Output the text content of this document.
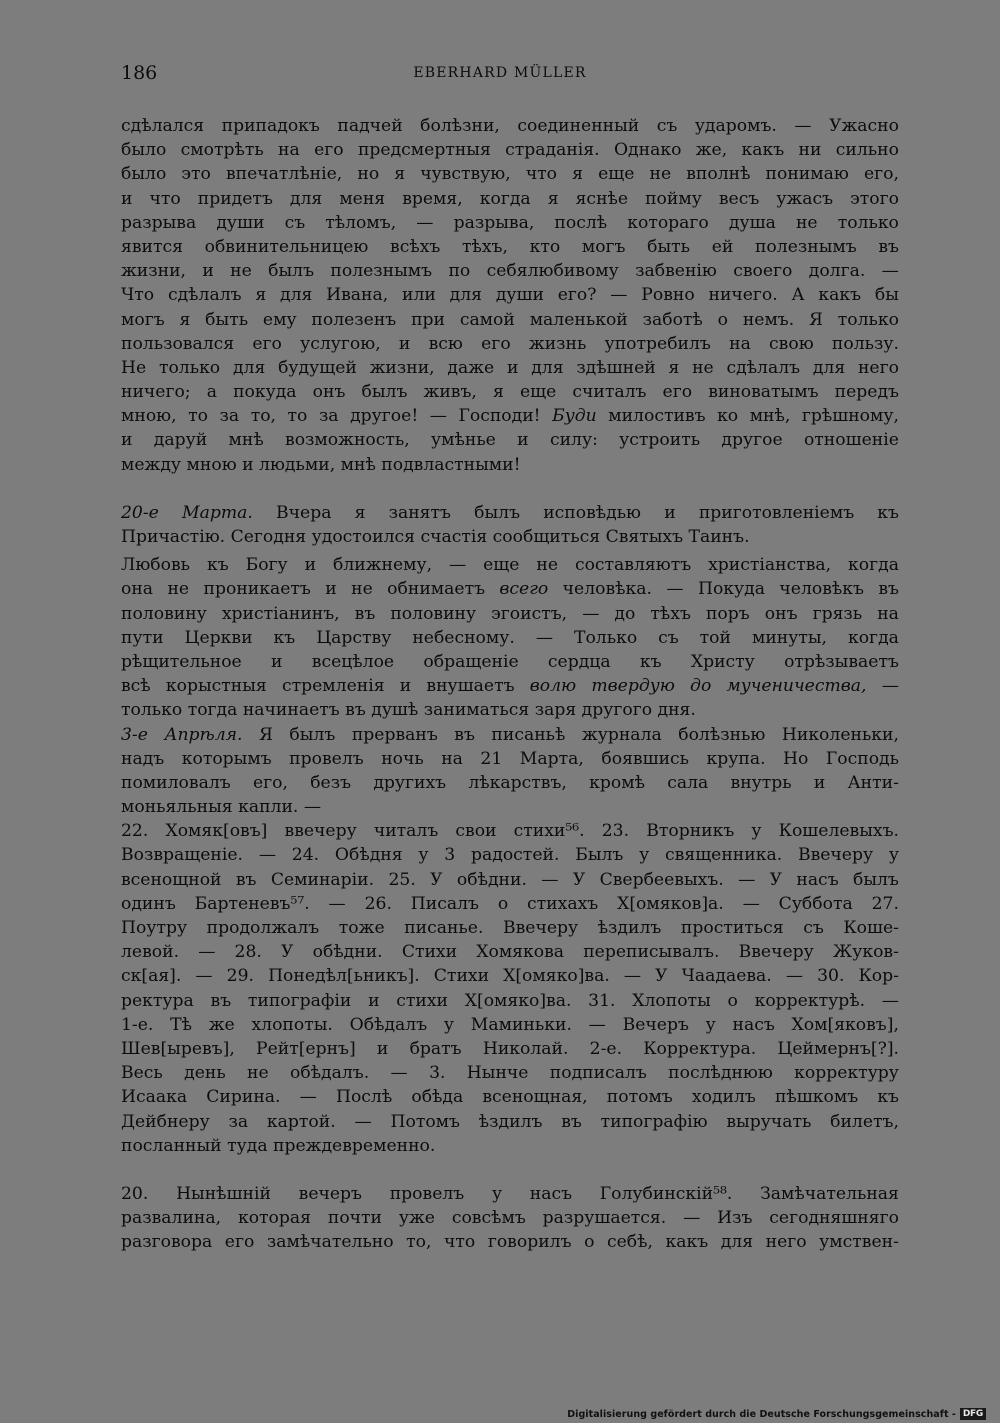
186	EBERHARD MÜLLER
сдѣлался припадокъ падчей болѣзни, соединенный съ ударомъ. — Ужасно
было смотрѣть на его предсмертныя страданія. Однако же, какъ ни сильно
было это впечатлѣніе, но я чувствую, что я еще не вполнѣ понимаю его,
и что придетъ для меня время, когда я яснѣе пойму весъ ужасъ этого
разрыва души съ тѣломъ, — разрыва, послѣ котораго душа не только
явится обвинительницею всѣхъ тѣхъ, кто могъ быть ей полезнымъ въ
жизни, и не былъ полезнымъ по себялюбивому забвенію своего долга. —
Что сдѣлалъ я для Ивана, или для души его? — Ровно ничего. А какъ бы
могъ я быть ему полезенъ при самой маленькой заботѣ о немъ. Я только
пользовался его услугою, и всю его жизнь употребилъ на свою пользу.
Не только для будущей жизни, даже и для здѣшней я не сдѣлалъ для него
ничего; а покуда онъ былъ живъ, я еще считалъ его виноватымъ передъ
мною, то за то, то за другое! — Господи! Буди милостивъ ко мнѣ, грѣшному,
и даруй мнѣ возможность, умѣнье и силу: устроить другое отношеніе
между мною и людьми, мнѣ подвластными!
20-е Марта. Вчера я занятъ былъ исповѣдью и приготовленіемъ къ
Причастію. Сегодня удостоился счастія сообщиться Святыхъ Таинъ.
Любовь къ Богу и ближнему, — еще не составляютъ христіанства, когда
она не проникаетъ и не обнимаетъ всего человѣка. — Покуда человѣкъ въ
половину христіанинъ, въ половину эгоистъ, — до тѣхъ поръ онъ грязь на
пути Церкви къ Царству небесному. — Только съ той минуты, когда
рѣщительное и всецѣлое обращеніе сердца къ Христу отрѣзываетъ
всѣ корыстныя стремленія и внушаетъ волю твердую до мученичества, —
только тогда начинаетъ въ душѣ заниматься заря другого дня.
3-е Апрѣля. Я былъ прерванъ въ писаньѣ журнала болѣзнью Николеньки,
надъ которымъ провелъ ночь на 21 Марта, боявшись крупа. Но Господь
помиловалъ его, безъ другихъ лѣкарствъ, кромѣ сала внутрь и Анти-
моньяльныя капли. —
22. Хомяк[овъ] ввечеру читалъ свои стихи⁵⁶. 23. Вторникъ у Кошелевыхъ.
Возвращеніе. — 24. Обѣдня у 3 радостей. Былъ у священника. Ввечеру у
всенощной въ Семинаріи. 25. У обѣдни. — У Свербеевыхъ. — У насъ былъ
одинъ Бартеневъ⁵⁷. — 26. Писалъ о стихахъ Х[омяков]а. — Суббота 27.
Поутру продолжалъ тоже писанье. Ввечеру ѣздилъ проститься съ Коше-
левой. — 28. У обѣдни. Стихи Хомякова переписывалъ. Ввечеру Жуков-
ск[ая]. — 29. Понедѣл[ьникъ]. Стихи Х[омяко]ва. — У Чаадаева. — 30. Кор-
ректура въ типографіи и стихи Х[омяко]ва. 31. Хлопоты о корректурѣ. —
1-е. Тѣ же хлопоты. Обѣдалъ у Маминьки. — Вечеръ у насъ Хом[яковъ],
Шев[ыревъ], Рейт[ернъ] и братъ Николай. 2-е. Корректура. Цеймернъ[?].
Весь день не обѣдалъ. — 3. Нынче подписалъ послѣднюю корректуру
Исаака Сирина. — Послѣ обѣда всенощная, потомъ ходилъ пѣшкомъ къ
Дейбнеру за картой. — Потомъ ѣздилъ въ типографію выручать билетъ,
посланный туда преждевременно.
20. Нынѣшній вечеръ провелъ у насъ Голубинскій⁵⁸. Замѣчательная
развалина, которая почти уже совсѣмъ разрушается. — Изъ сегодняшняго
разговора его замѣчательно то, что говорилъ о себѣ, какъ для него умствен-
Digitalisierung gefördert durch die Deutsche Forschungsgemeinschaft - DFG
